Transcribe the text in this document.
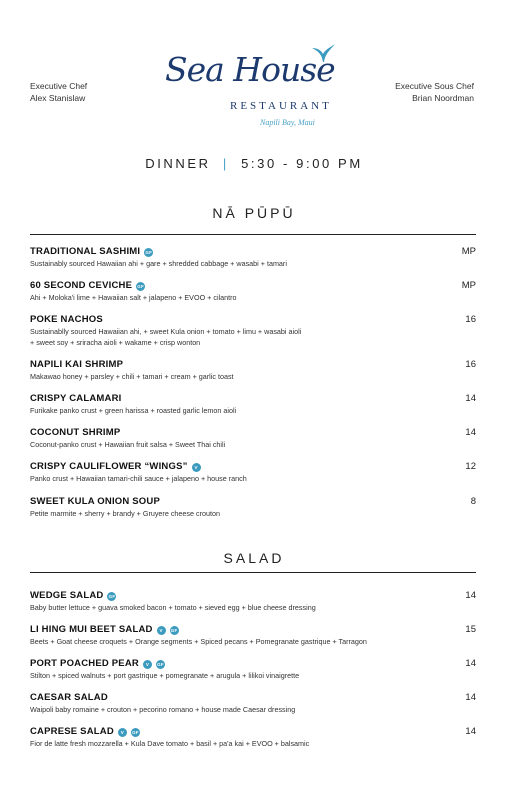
Executive Chef
Alex Stanislaw
Sea House
RESTAURANT
Napili Bay, Maui
Executive Sous Chef
Brian Noordman
DINNER | 5:30 - 9:00 PM
NĀ PŪPŪ
TRADITIONAL SASHIMI GF
Sustainably sourced Hawaiian ahi + gare + shredded cabbage + wasabi + tamari
MP
60 SECOND CEVICHE GF
Ahi + Moloka'i lime + Hawaiian salt + jalapeno + EVOO + cilantro
MP
POKE NACHOS
Sustainablly sourced Hawaiian ahi, + sweet Kula onion + tomato + limu + wasabi aioli
+ sweet soy + sriracha aioli + wakame + crisp wonton
16
NAPILI KAI SHRIMP
Makawao honey + parsley + chili + tamari + cream + garlic toast
16
CRISPY CALAMARI
Furikake panko crust + green harissa + roasted garlic lemon aioli
14
COCONUT SHRIMP
Coconut-panko crust + Hawaiian fruit salsa + Sweet Thai chili
14
CRISPY CAULIFLOWER “WINGS”	V
Panko crust + Hawaiian tamari-chili sauce + jalapeno + house ranch
12
SWEET KULA ONION SOUP
Petite marmite + sherry + brandy + Gruyere cheese crouton
8
SALAD
WEDGE SALAD GF
Baby butter lettuce + guava smoked bacon + tomato + sieved egg + blue cheese dressing
14
LI HING MUI BEET SALAD	V	GF
Beets + Goat cheese croquets + Orange segments + Spiced pecans + Pomegranate gastrique + Tarragon
15
PORT POACHED PEAR	V	GF
Stilton + spiced walnuts + port gastrique + pomegranate + arugula + lilikoi vinaigrette
14
CAESAR SALAD
Waipoli baby romaine + crouton + pecorino romano + house made Caesar dressing
14
CAPRESE SALAD	V	GF
Fior de latte fresh mozzarella + Kula Dave tomato + basil + pa'a kai + EVOO + balsamic
14
